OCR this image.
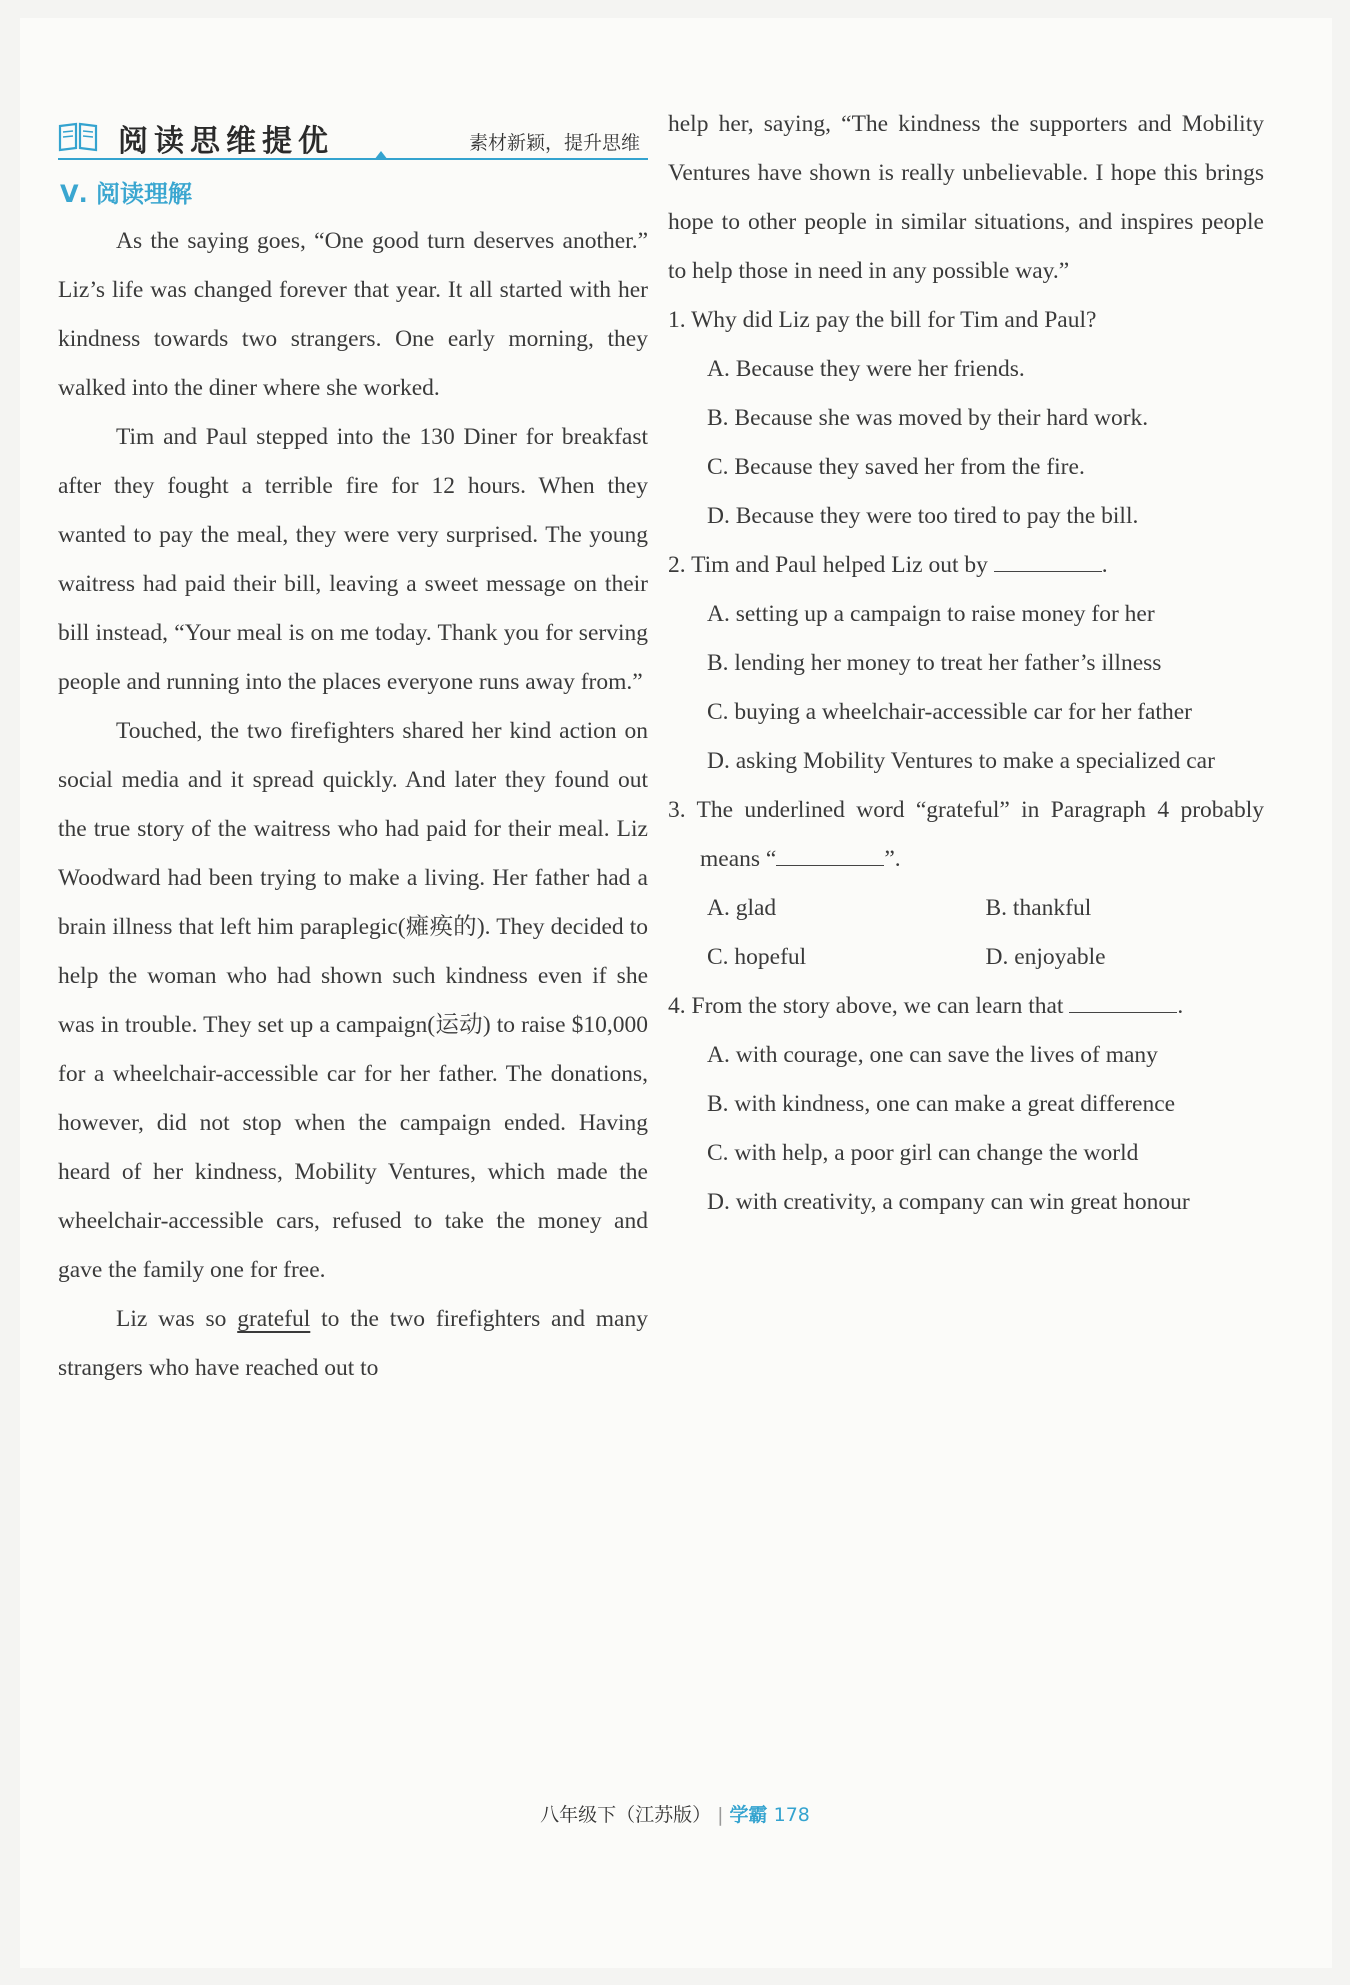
阅读思维提优	素材新颖，提升思维
Ⅴ. 阅读理解

As the saying goes, “One good turn deserves another.” Liz’s life was changed forever that year. It all started with her kindness towards two strangers. One early morning, they walked into the diner where she worked.

Tim and Paul stepped into the 130 Diner for breakfast after they fought a terrible fire for 12 hours. When they wanted to pay the meal, they were very surprised. The young waitress had paid their bill, leaving a sweet message on their bill instead, “Your meal is on me today. Thank you for serving people and running into the places everyone runs away from.”

Touched, the two firefighters shared her kind action on social media and it spread quickly. And later they found out the true story of the waitress who had paid for their meal. Liz Woodward had been trying to make a living. Her father had a brain illness that left him paraplegic(瘫痪的). They decided to help the woman who had shown such kindness even if she was in trouble. They set up a campaign(运动) to raise $10,000 for a wheelchair-accessible car for her father. The donations, however, did not stop when the campaign ended. Having heard of her kindness, Mobility Ventures, which made the wheelchair-accessible cars, refused to take the money and gave the family one for free.

Liz was so grateful to the two firefighters and many strangers who have reached out to

help her, saying, “The kindness the supporters and Mobility Ventures have shown is really unbelievable. I hope this brings hope to other people in similar situations, and inspires people to help those in need in any possible way.”

1. Why did Liz pay the bill for Tim and Paul?

A. Because they were her friends.

B. Because she was moved by their hard work.

C. Because they saved her from the fire.

D. Because they were too tired to pay the bill.

2. Tim and Paul helped Liz out by	.

A. setting up a campaign to raise money for her

B. lending her money to treat her father’s illness

C. buying a wheelchair-accessible car for her father

D. asking Mobility Ventures to make a specialized car

3. The underlined word “grateful” in Paragraph 4 probably means “	”.

A. glad	B. thankful

C. hopeful	D. enjoyable

4. From the story above, we can learn that	.

A. with courage, one can save the lives of many

B. with kindness, one can make a great difference

C. with help, a poor girl can change the world

D. with creativity, a company can win great honour

八年级下（江苏版） | 学霸 178
